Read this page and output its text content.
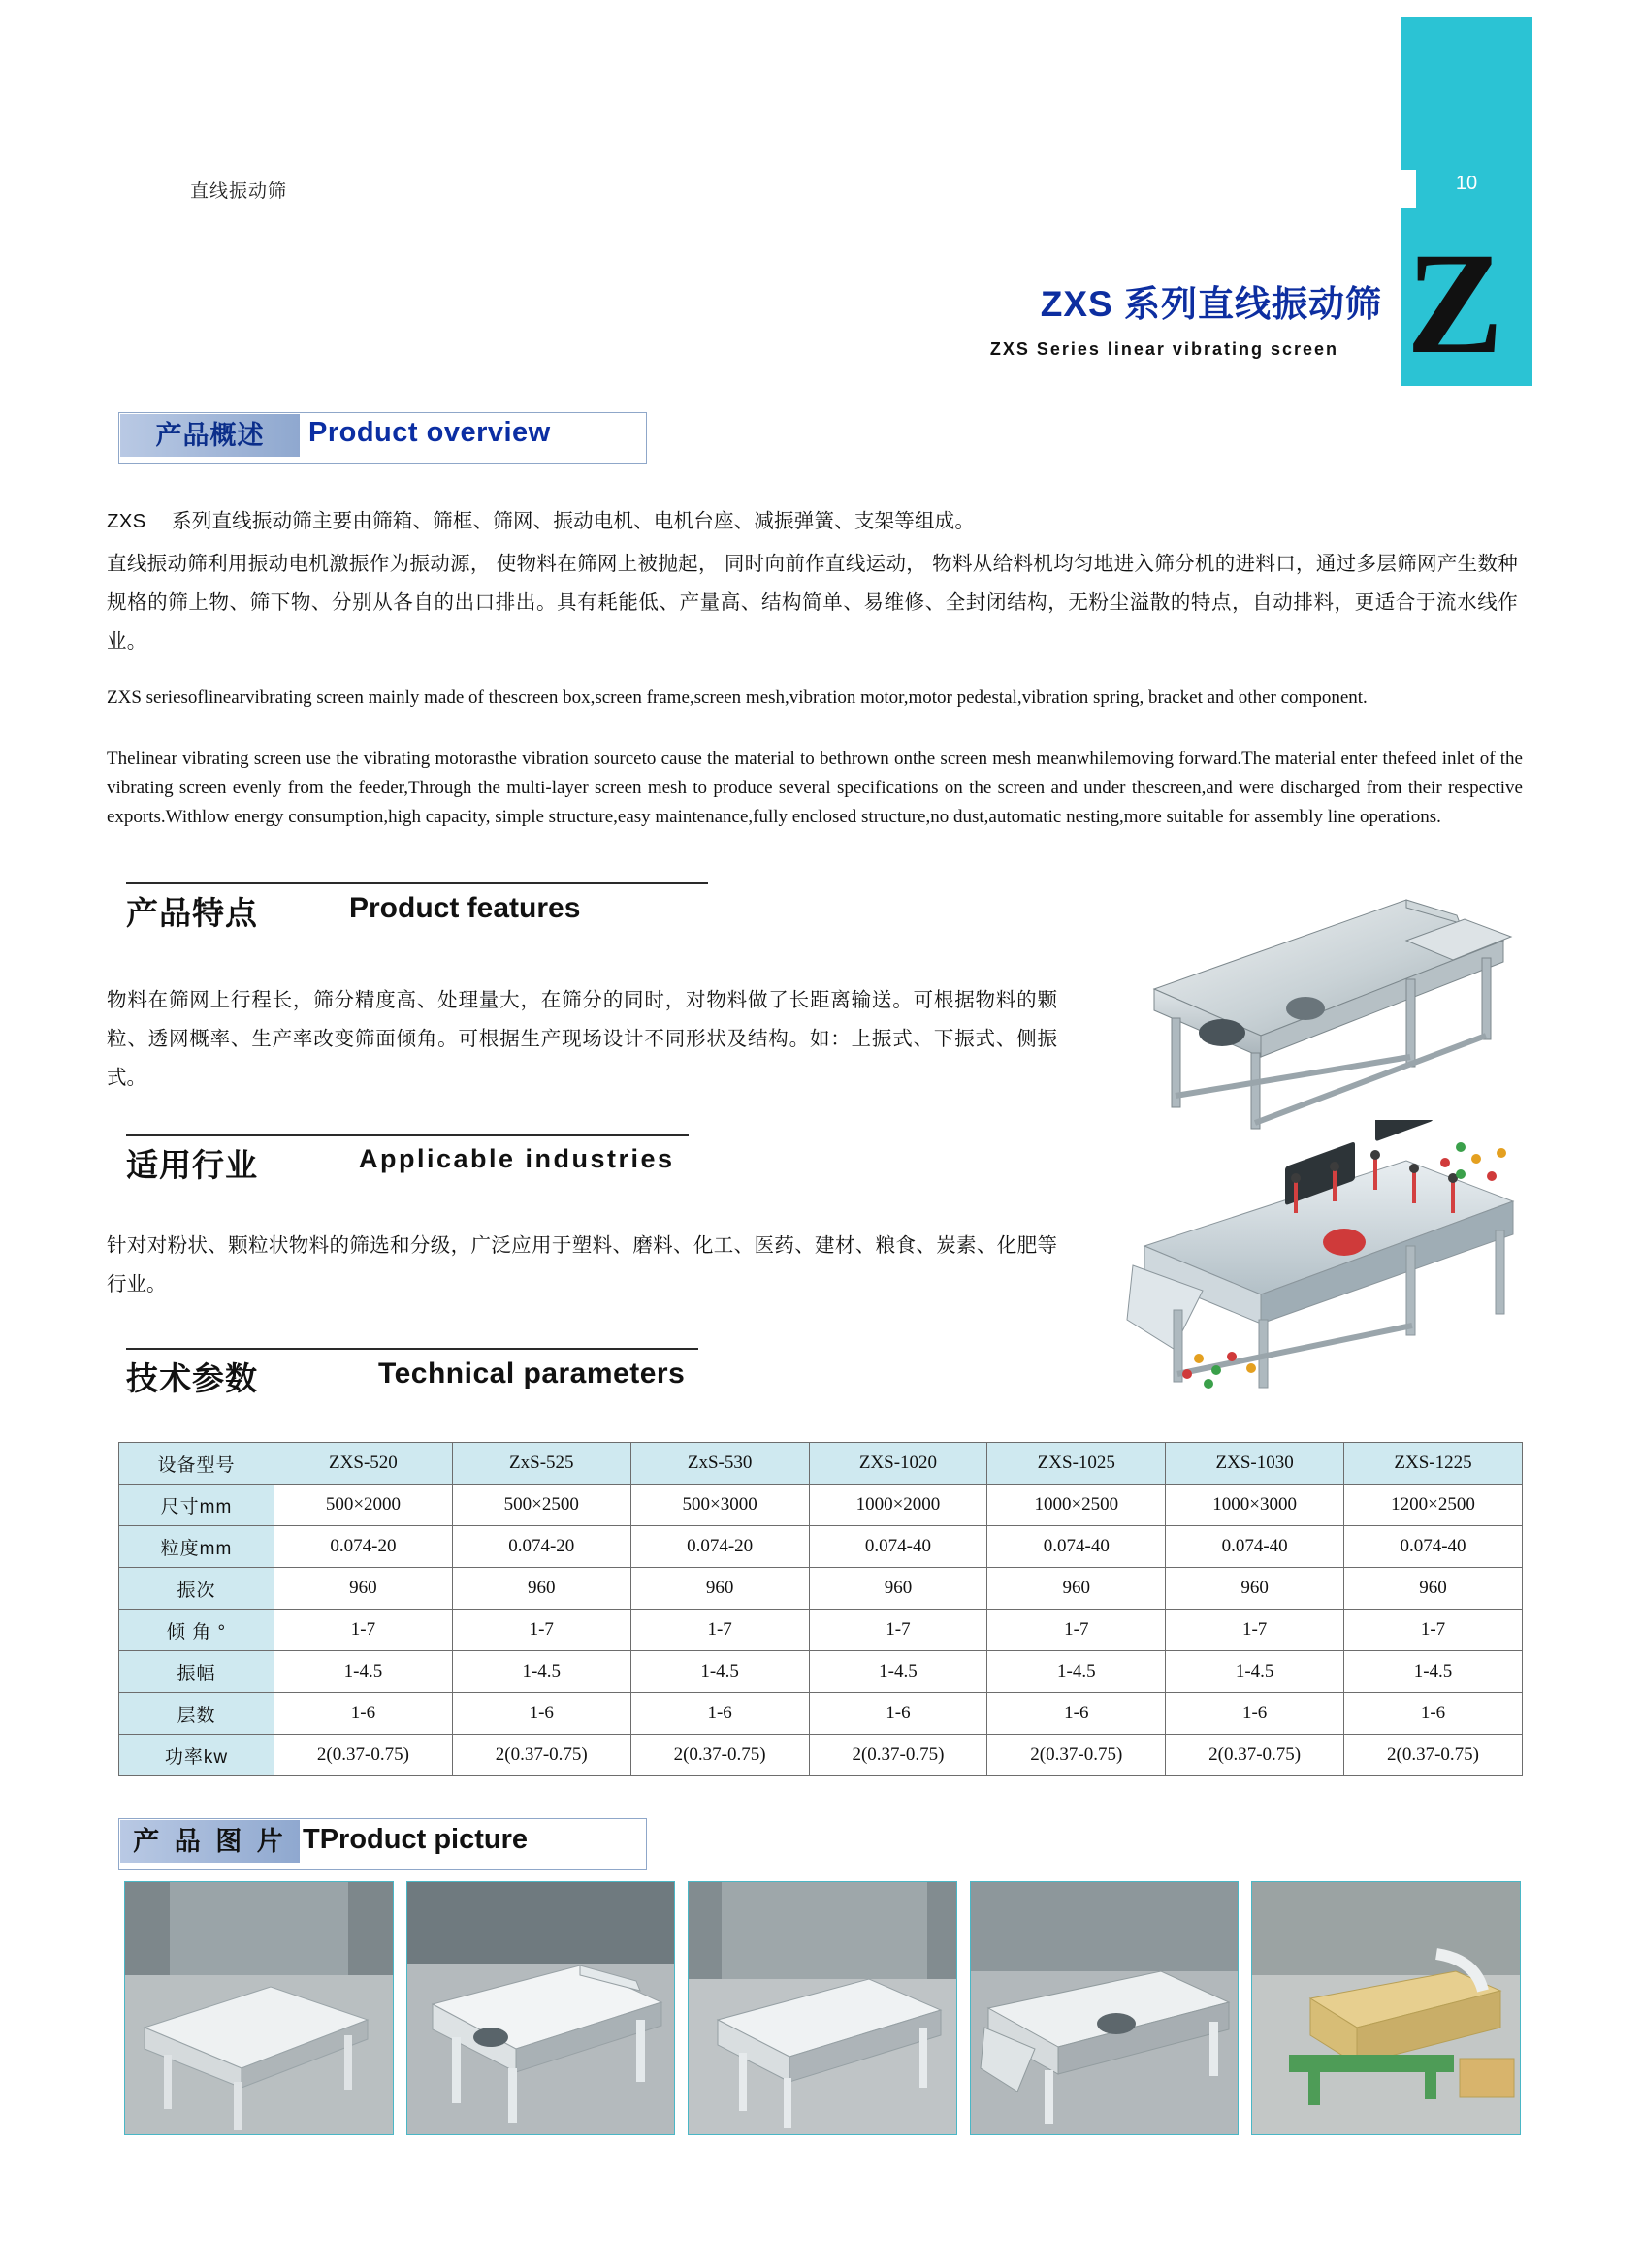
10
Z
直线振动筛
ZXS 系列直线振动筛
ZXS Series linear vibrating screen
产品概述	Product overview
ZXS 　系列直线振动筛主要由筛箱、筛框、筛网、振动电机、电机台座、减振弹簧、支架等组成。
直线振动筛利用振动电机激振作为振动源， 使物料在筛网上被抛起， 同时向前作直线运动， 物料从给料机均匀地进入筛分机的进料口，通过多层筛网产生数种规格的筛上物、筛下物、分别从各自的出口排出。具有耗能低、产量高、结构简单、易维修、全封闭结构，无粉尘溢散的特点，自动排料，更适合于流水线作业。
ZXS seriesoflinearvibrating screen mainly made of thescreen box,screen frame,screen mesh,vibration motor,motor pedestal,vibration spring, bracket and other component.
Thelinear vibrating screen use the vibrating motorasthe vibration sourceto cause the material to bethrown onthe screen mesh meanwhilemoving forward.The material enter thefeed inlet of the vibrating screen evenly from the feeder,Through the multi-layer screen mesh to produce several specifications on the screen and under thescreen,and were discharged from their respective exports.Withlow energy consumption,high capacity, simple structure,easy maintenance,fully enclosed structure,no dust,automatic nesting,more suitable for assembly line operations.
产品特点	Product features
物料在筛网上行程长，筛分精度高、处理量大，在筛分的同时，对物料做了长距离输送。可根据物料的颗粒、透网概率、生产率改变筛面倾角。可根据生产现场设计不同形状及结构。如：上振式、下振式、侧振式。
适用行业	Applicable industries
针对对粉状、颗粒状物料的筛选和分级，广泛应用于塑料、磨料、化工、医药、建材、粮食、炭素、化肥等行业。
技术参数	Technical parameters
设备型号	ZXS-520	ZxS-525	ZxS-530	ZXS-1020	ZXS-1025	ZXS-1030	ZXS-1225
尺寸mm	500×2000	500×2500	500×3000	1000×2000	1000×2500	1000×3000	1200×2500
粒度mm	0.074-20	0.074-20	0.074-20	0.074-40	0.074-40	0.074-40	0.074-40
振次	960	960	960	960	960	960	960
倾 角 °	1-7	1-7	1-7	1-7	1-7	1-7	1-7
振幅	1-4.5	1-4.5	1-4.5	1-4.5	1-4.5	1-4.5	1-4.5
层数	1-6	1-6	1-6	1-6	1-6	1-6	1-6
功率kw	2(0.37-0.75)	2(0.37-0.75)	2(0.37-0.75)	2(0.37-0.75)	2(0.37-0.75)	2(0.37-0.75)	2(0.37-0.75)
产 品 图 片 TProduct picture
